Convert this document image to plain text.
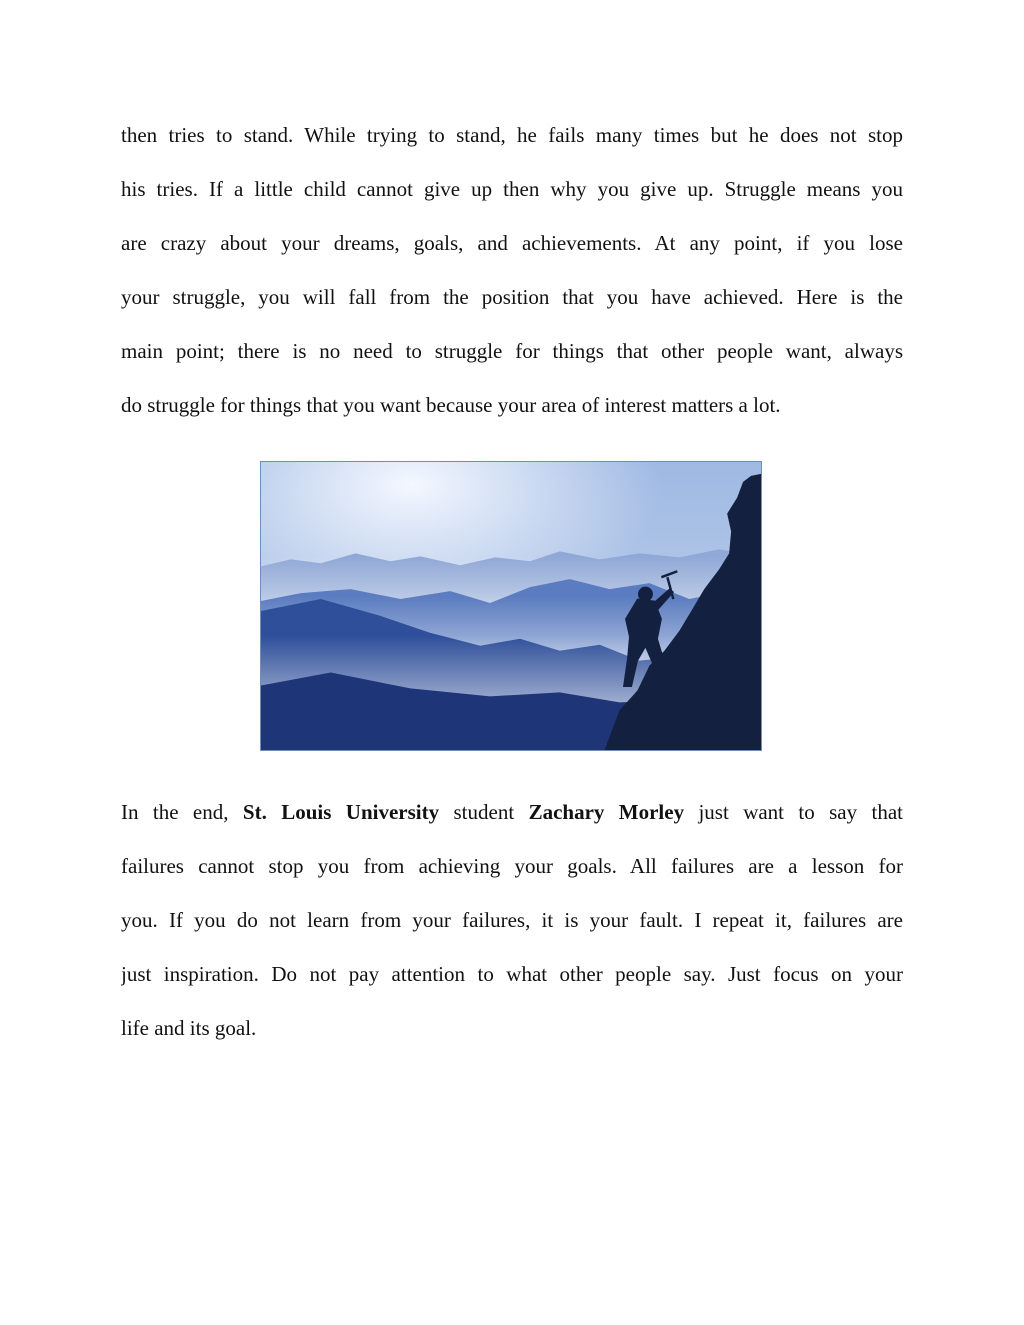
then tries to stand. While trying to stand, he fails many times but he does not stop
his tries. If a little child cannot give up then why you give up. Struggle means you
are crazy about your dreams, goals, and achievements. At any point, if you lose
your struggle, you will fall from the position that you have achieved. Here is the
main point; there is no need to struggle for things that other people want, always
do struggle for things that you want because your area of interest matters a lot.

In the end, St. Louis University student Zachary Morley just want to say that
failures cannot stop you from achieving your goals. All failures are a lesson for
you. If you do not learn from your failures, it is your fault. I repeat it, failures are
just inspiration. Do not pay attention to what other people say. Just focus on your
life and its goal.
